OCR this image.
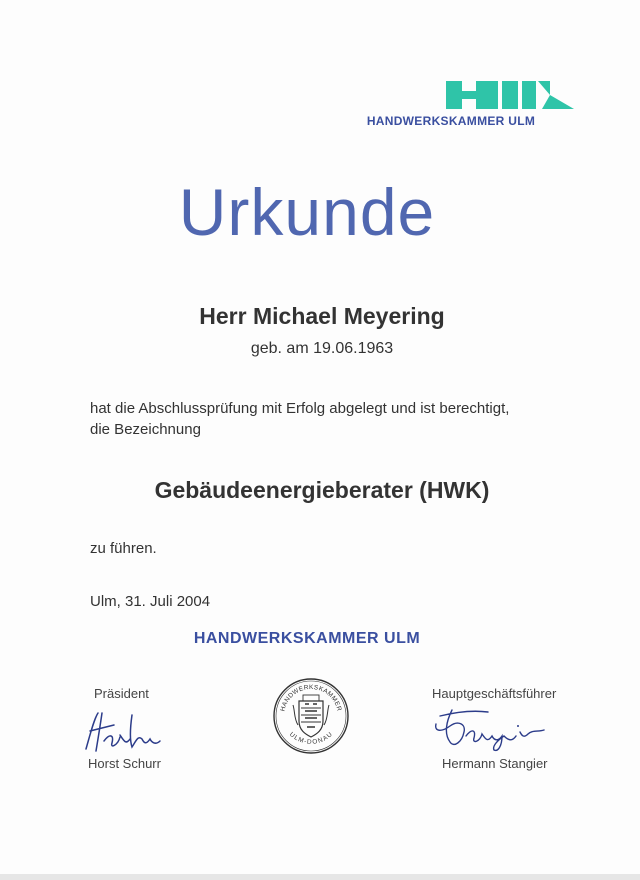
HANDWERKSKAMMER ULM
Urkunde
Herr Michael Meyering
geb. am 19.06.1963
hat die Abschlussprüfung mit Erfolg abgelegt und ist berechtigt,
die Bezeichnung
Gebäudeenergieberater (HWK)
zu führen.
Ulm, 31. Juli 2004
HANDWERKSKAMMER ULM
Präsident
Horst Schurr
HANDWERKSKAMMER
ULM-DONAU
Hauptgeschäftsführer
Hermann Stangier
